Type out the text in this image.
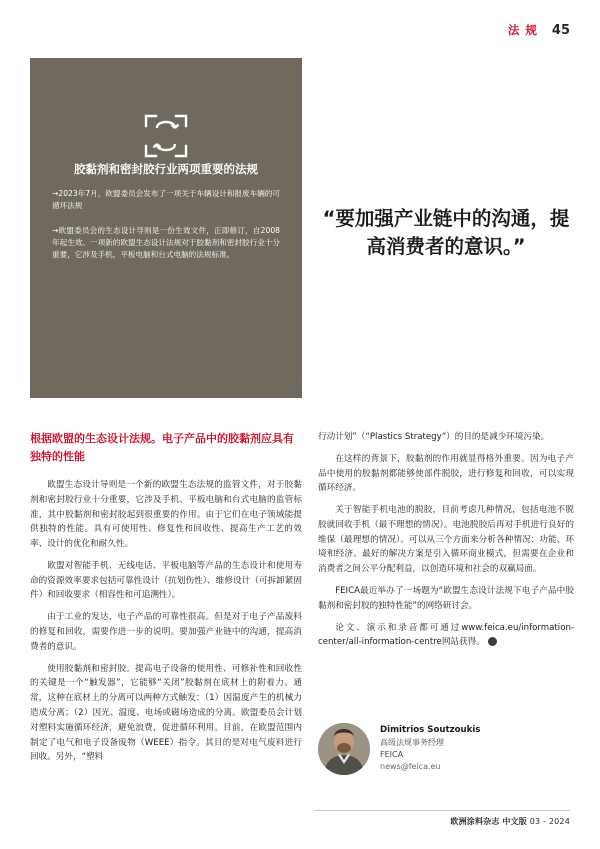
法 规 45
胶黏剂和密封胶行业两项重要的法规
→2023年7月，欧盟委员会发布了一项关于车辆设计和报废车辆的可循环法规
→欧盟委员会的生态设计导则是一份生效文件，正即修订，自2008年起生效。一项新的欧盟生态设计法规对于胶黏剂和密封胶行业十分重要，它涉及手机、平板电脑和台式电脑的法规标准。
“要加强产业链中的沟通，提高消费者的意识。”
根据欧盟的生态设计法规。电子产品中的胶黏剂应具有独特的性能

欧盟生态设计导则是一个新的欧盟生态法规的监管文件，对于胶黏剂和密封胶行业十分重要，它涉及手机、平板电脑和台式电脑的监管标准，其中胶黏剂和密封胶起到很重要的作用。由于它们在电子领域能提供独特的性能。具有可使用性、修复性和回收性、提高生产工艺的效率、设计的优化和耐久性。

欧盟对智能手机、无线电话、平板电脑等产品的生态设计和使用寿命的资源效率要求包括可靠性设计（抗划伤性）、维修设计（可拆卸紧固件）和回收要求（相容性和可追溯性）。

由于工业的发达，电子产品的可靠性很高。但是对于电子产品废料的修复和回收，需要作进一步的说明。要加强产业链中的沟通，提高消费者的意识。

使用胶黏剂和密封胶。提高电子设备的使用性、可修补性和回收性的关键是一个“触发器”，它能够“关闭”胶黏剂在底材上的附着力。通常，这种在底材上的分离可以两种方式触发：（1）因温度产生的机械力造成分离；（2）因光、温度、电场或磁场造成的分离。欧盟委员会计划对塑料实施循环经济，避免浪费，促进循环利用。目前，在欧盟范围内制定了电气和电子设备废物（WEEE）指令。其目的是对电气废料进行回收。另外，“塑料

行动计划”（“Plastics Strategy”）的目的是减少环境污染。

在这样的背景下，胶黏剂的作用就显得格外重要。因为电子产品中使用的胶黏剂都能够使部件脱胶，进行修复和回收，可以实现循环经济。

关于智能手机电池的脱胶，目前考虑几种情况，包括电池不脱胶就回收手机（最不理想的情况）。电池脱胶后再对手机进行良好的维保（最理想的情况）。可以从三个方面来分析各种情况：功能、环境和经济。最好的解决方案是引入循环商业模式，但需要在企业和消费者之间公平分配利益，以创造环境和社会的双赢局面。

FEICA最近举办了一场题为“欧盟生态设计法规下电子产品中胶黏剂和密封胶的独特性能”的网络研讨会。

论文、演示和录音都可通过www.feica.eu/information-center/all-information-centre网站获得。

Dimitrios Soutzoukis
高级法规事务经理
FEICA
news@feica.eu
欧洲涂料杂志 中文版 03 - 2024
